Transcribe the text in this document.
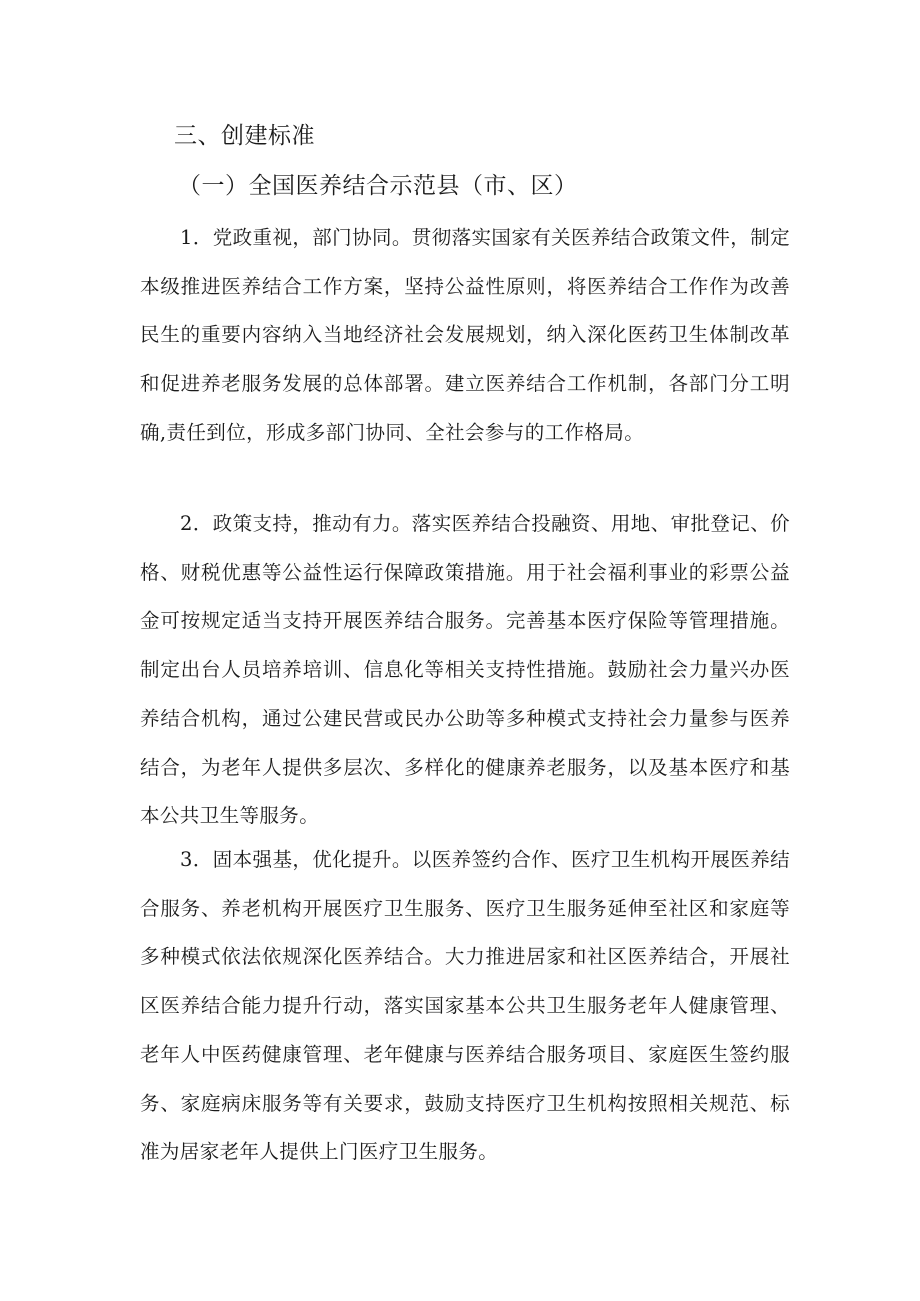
三、创建标准
（一）全国医养结合示范县（市、区）

1．党政重视，部门协同。贯彻落实国家有关医养结合政策文件，制定本级推进医养结合工作方案，坚持公益性原则，将医养结合工作作为改善民生的重要内容纳入当地经济社会发展规划，纳入深化医药卫生体制改革和促进养老服务发展的总体部署。建立医养结合工作机制，各部门分工明确,责任到位，形成多部门协同、全社会参与的工作格局。

2．政策支持，推动有力。落实医养结合投融资、用地、审批登记、价格、财税优惠等公益性运行保障政策措施。用于社会福利事业的彩票公益金可按规定适当支持开展医养结合服务。完善基本医疗保险等管理措施。制定出台人员培养培训、信息化等相关支持性措施。鼓励社会力量兴办医养结合机构，通过公建民营或民办公助等多种模式支持社会力量参与医养结合，为老年人提供多层次、多样化的健康养老服务，以及基本医疗和基本公共卫生等服务。

3．固本强基，优化提升。以医养签约合作、医疗卫生机构开展医养结合服务、养老机构开展医疗卫生服务、医疗卫生服务延伸至社区和家庭等多种模式依法依规深化医养结合。大力推进居家和社区医养结合，开展社区医养结合能力提升行动，落实国家基本公共卫生服务老年人健康管理、老年人中医药健康管理、老年健康与医养结合服务项目、家庭医生签约服务、家庭病床服务等有关要求，鼓励支持医疗卫生机构按照相关规范、标准为居家老年人提供上门医疗卫生服务。
